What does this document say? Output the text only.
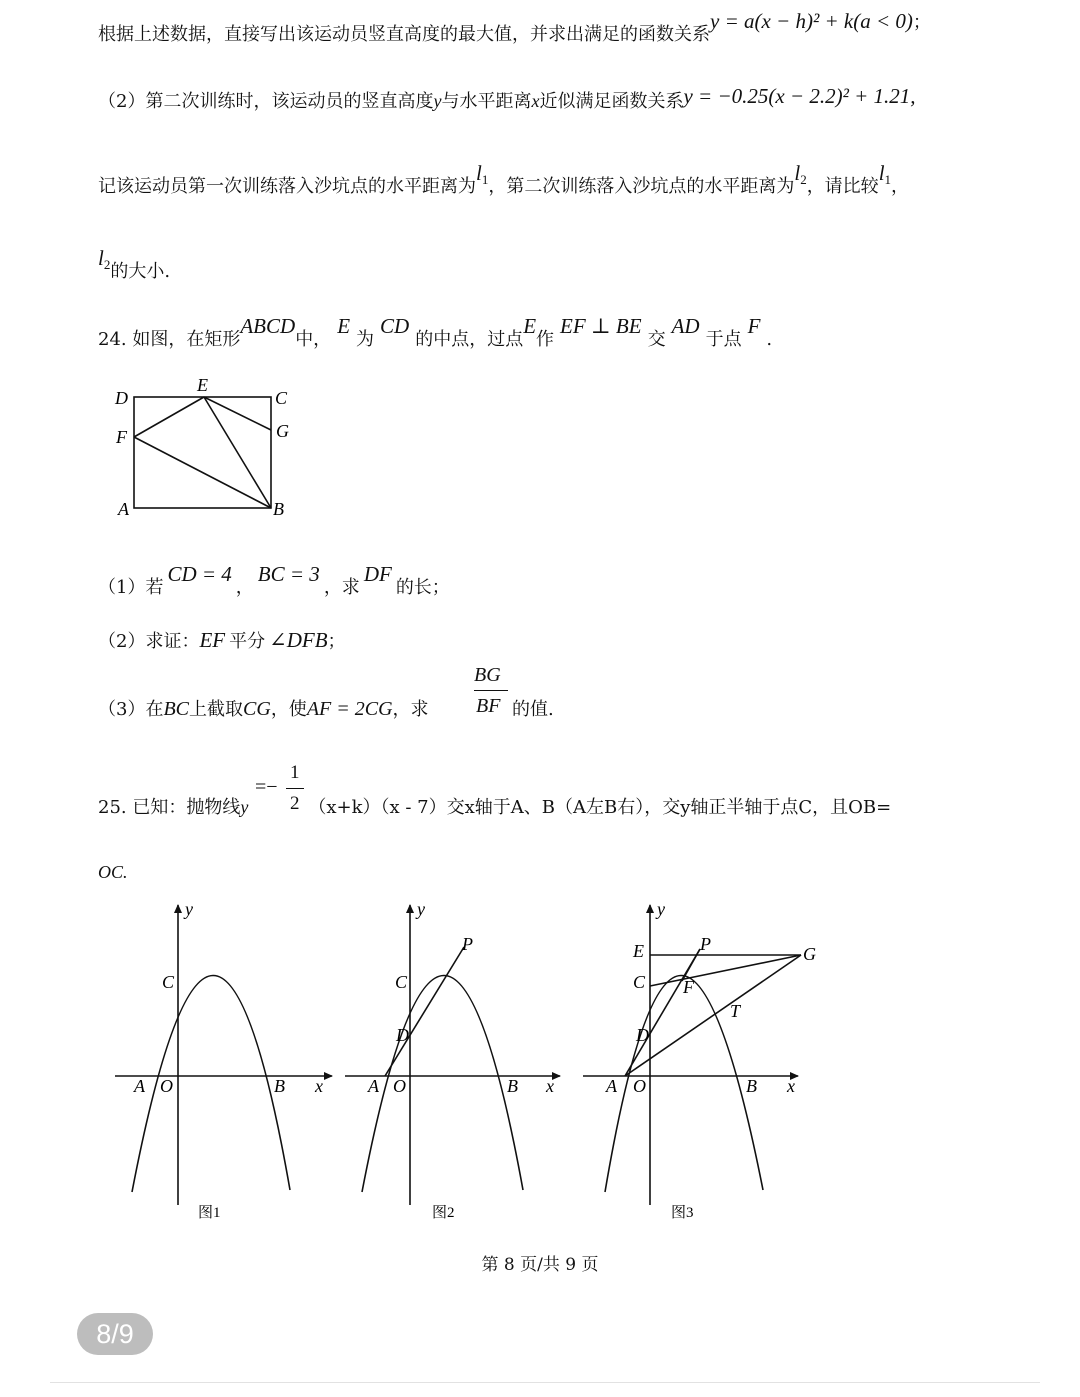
根据上述数据，直接写出该运动员竖直高度的最大值，并求出满足的函数关系y = a(x − h)² + k(a < 0)；
（2）第二次训练时，该运动员的竖直高度y与水平距离x近似满足函数关系y = −0.25(x − 2.2)² + 1.21,
记该运动员第一次训练落入沙坑点的水平距离为l1，第二次训练落入沙坑点的水平距离为l2，请比较l1，
l2的大小.
24. 如图，在矩形ABCD中，E为CD的中点，过点E作EF ⊥ BE交AD于点F.
D
E
C
F	G
A	B
（1）若CD = 4，BC = 3，求DF的长；
（2）求证：EF 平分 ∠DFB；
（3）在BC上截取CG，使AF = 2CG，求
BG
BF 的值.
25. 已知：抛物线y	（x+k）（x - 7）交x轴于A、B（A左B右），交y轴正半轴于点C，且OB=
=−
1
2
OC.
y
C
A O	B x
图1
y
P
C
D
A O	B x
图2
y
E	P	G
C F
T
D
A O	B x
图3
第 8 页/共 9 页
8/9
